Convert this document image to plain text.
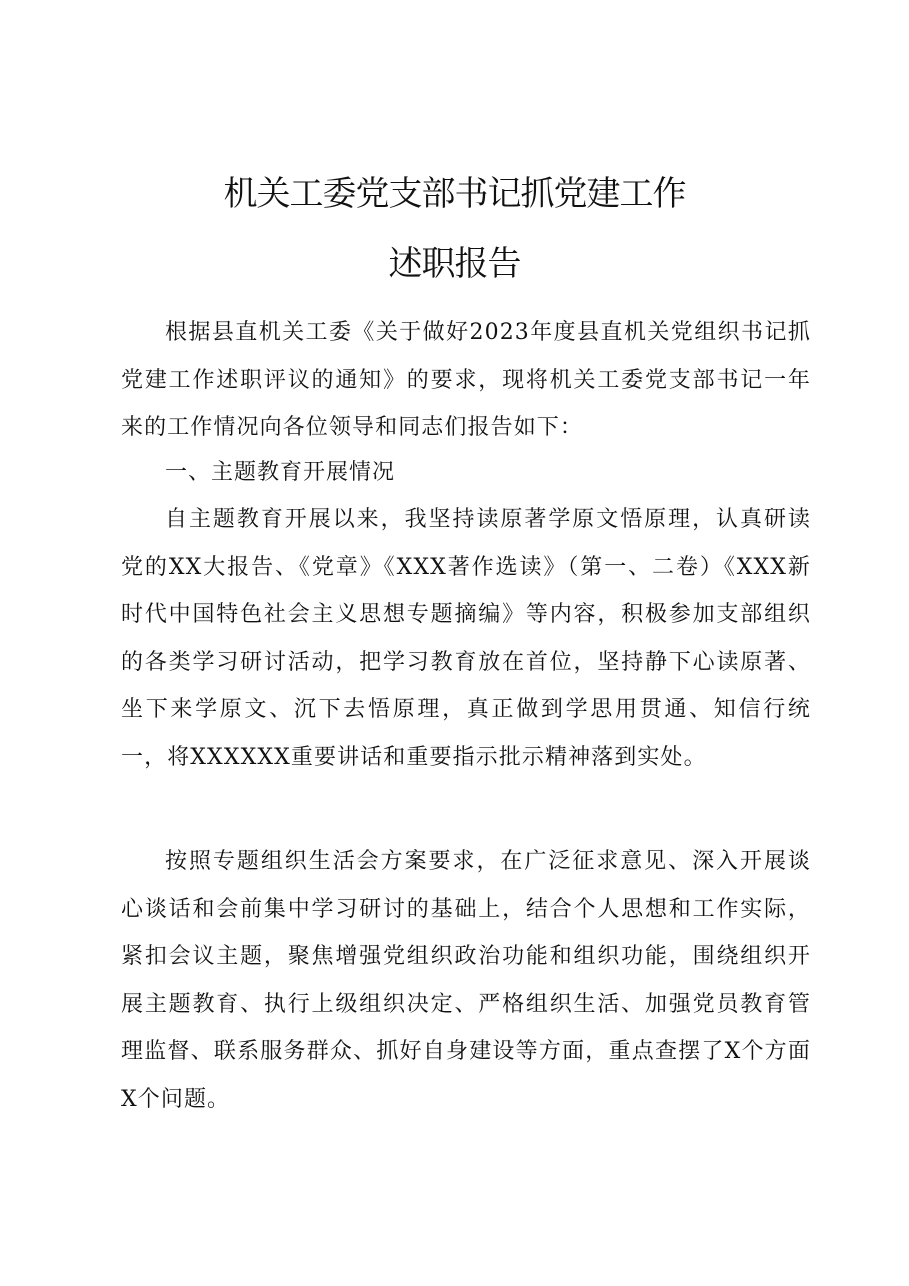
机关工委党支部书记抓党建工作
述职报告

根据县直机关工委《关于做好2023年度县直机关党组织书记抓党建工作述职评议的通知》的要求，现将机关工委党支部书记一年来的工作情况向各位领导和同志们报告如下：

一、主题教育开展情况

自主题教育开展以来，我坚持读原著学原文悟原理，认真研读党的XX大报告、《党章》《XXX著作选读》（第一、二卷）《XXX新时代中国特色社会主义思想专题摘编》等内容，积极参加支部组织的各类学习研讨活动，把学习教育放在首位，坚持静下心读原著、坐下来学原文、沉下去悟原理，真正做到学思用贯通、知信行统一，将XXXXXX重要讲话和重要指示批示精神落到实处。

按照专题组织生活会方案要求，在广泛征求意见、深入开展谈心谈话和会前集中学习研讨的基础上，结合个人思想和工作实际，紧扣会议主题，聚焦增强党组织政治功能和组织功能，围绕组织开展主题教育、执行上级组织决定、严格组织生活、加强党员教育管理监督、联系服务群众、抓好自身建设等方面，重点查摆了X个方面X个问题。
